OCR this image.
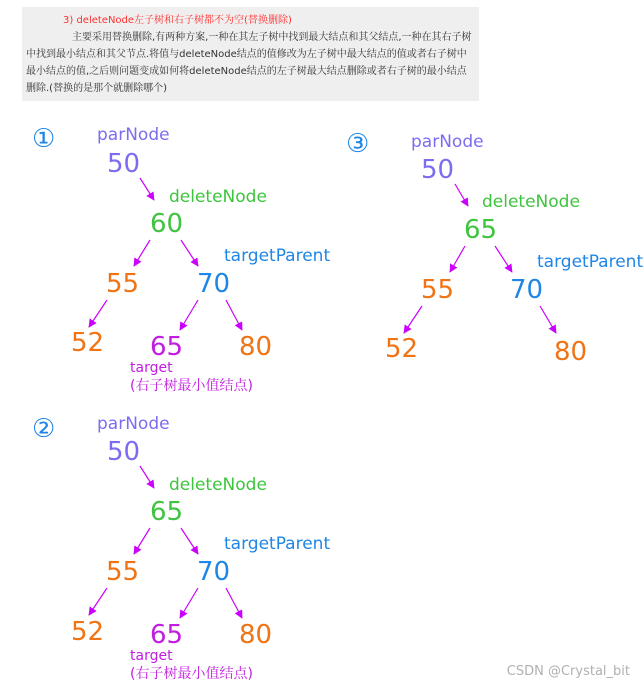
3) deleteNode左子树和右子树都不为空(替换删除)
主要采用替换删除,有两种方案,一种在其左子树中找到最大结点和其父结点,一种在其右子树中找到最小结点和其父节点.将值与deleteNode结点的值修改为左子树中最大结点的值或者右子树中最小结点的值,之后则问题变成如何将deleteNode结点的左子树最大结点删除或者右子树的最小结点删除.(替换的是那个就删除哪个)
① parNode
50
deleteNode
60
targetParent
55 70
52 65 80
target
(右子树最小值结点)
② parNode
50
deleteNode
65
targetParent
55 70
52 65 80
target
(右子树最小值结点)
③ parNode
50
deleteNode
65
targetParent
55 70
52	80
CSDN @Crystal_bit
